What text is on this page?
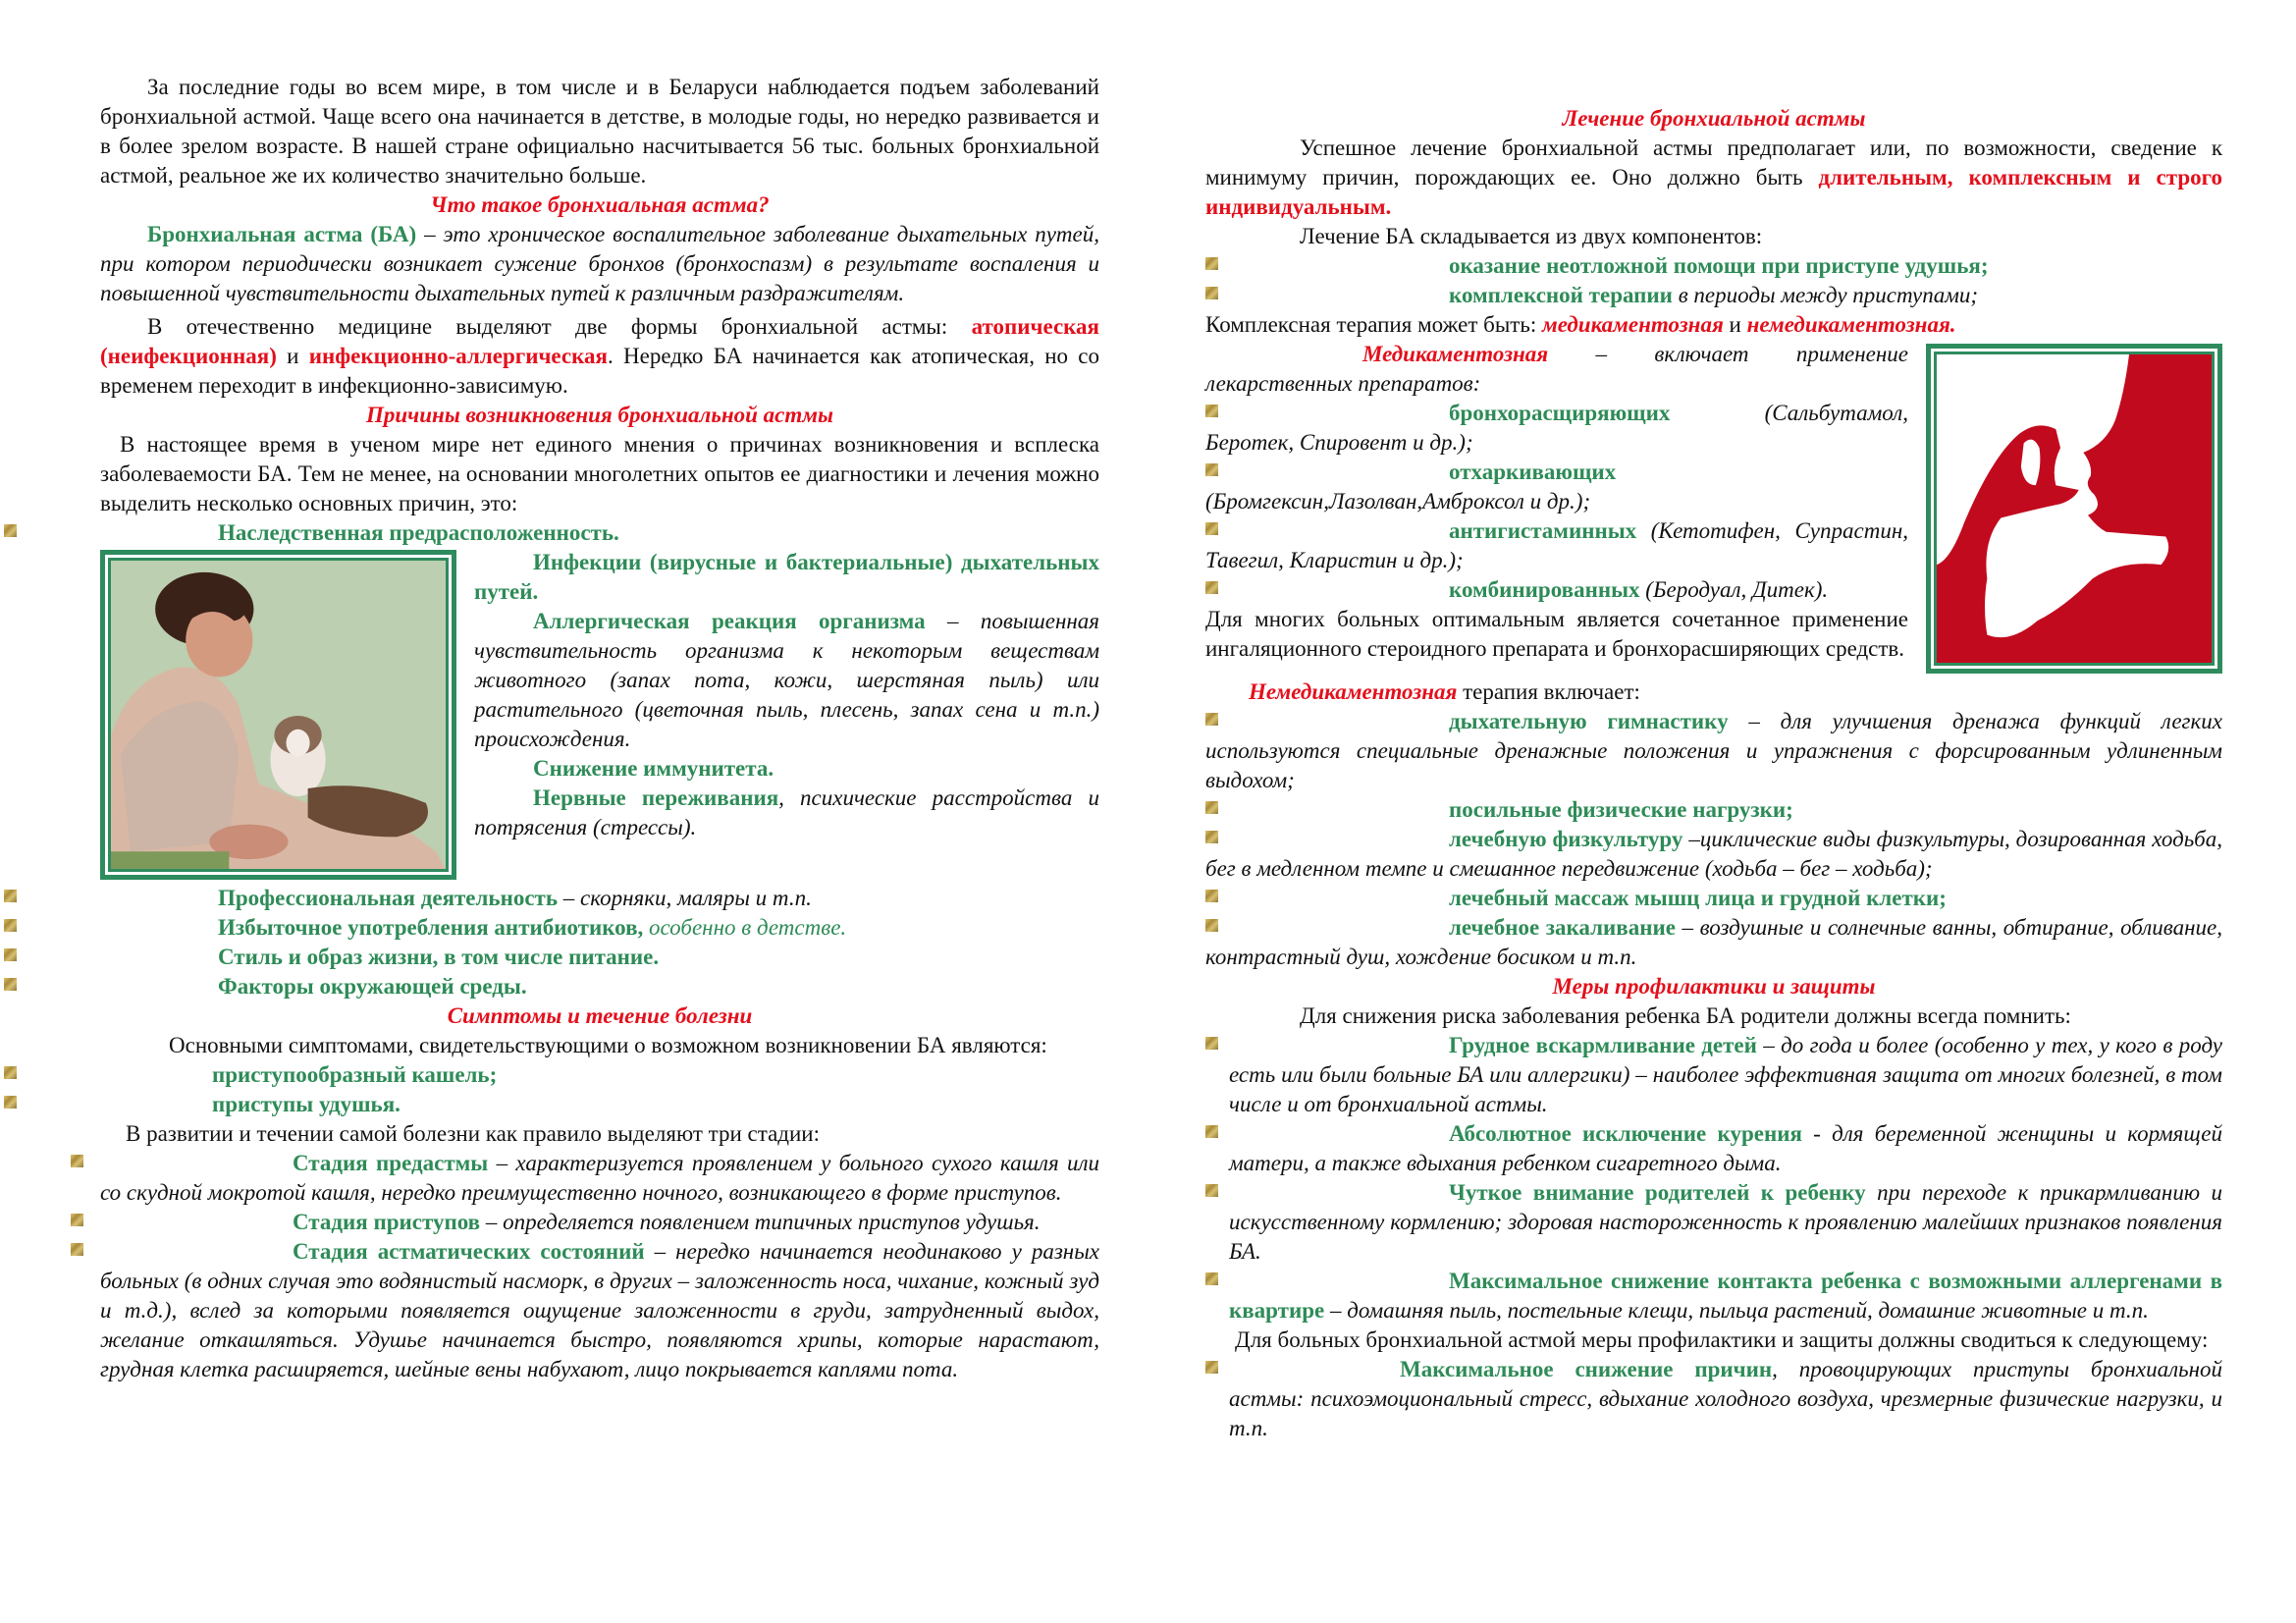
За последние годы во всем мире, в том числе и в Беларуси наблюдается подъем заболеваний бронхиальной астмой. Чаще всего она начинается в детстве, в молодые годы, но нередко развивается и в более зрелом возрасте. В нашей стране официально насчитывается 56 тыс. больных бронхиальной астмой, реальное же их количество значительно больше.

Что такое бронхиальная астма?

Бронхиальная астма (БА) – это хроническое воспалительное заболевание дыхательных путей, при котором периодически возникает сужение бронхов (бронхоспазм) в результате воспаления и повышенной чувствительности дыхательных путей к различным раздражителям.

В отечественно медицине выделяют две формы бронхиальной астмы: атопическая (неифекционная) и инфекционно-аллергическая. Нередко БА начинается как атопическая, но со временем переходит в инфекционно-зависимую.

Причины возникновения бронхиальной астмы

В настоящее время в ученом мире нет единого мнения о причинах возникновения и всплеска заболеваемости БА. Тем не менее, на основании многолетних опытов ее диагностики и лечения можно выделить несколько основных причин, это:

Наследственная предрасположенность.

Инфекции (вирусные и бактериальные) дыхательных путей.

Аллергическая реакция организма – повышенная чувствительность организма к некоторым веществам животного (запах пота, кожи, шерстяная пыль) или растительного (цветочная пыль, плесень, запах сена и т.п.) происхождения.

Снижение иммунитета.

Нервные переживания, психические расстройства и потрясения (стрессы).

Профессиональная деятельность – скорняки, маляры и т.п.
Избыточное употребления антибиотиков, особенно в детстве.
Стиль и образ жизни, в том числе питание.
Факторы окружающей среды.

Симптомы и течение болезни

Основными симптомами, свидетельствующими о возможном возникновении БА являются:

приступообразный кашель;
приступы удушья.

В развитии и течении самой болезни как правило выделяют три стадии:

Стадия предастмы – характеризуется проявлением у больного сухого кашля или со скудной мокротой кашля, нередко преимущественно ночного, возникающего в форме приступов.

Стадия приступов – определяется появлением типичных приступов удушья.

Стадия астматических состояний – нередко начинается неодинаково у разных больных (в одних случая это водянистый насморк, в других – заложенность носа, чихание, кожный зуд и т.д.), вслед за которыми появляется ощущение заложенности в груди, затрудненный выдох, желание откашляться. Удушье начинается быстро, появляются хрипы, которые нарастают, грудная клетка расширяется, шейные вены набухают, лицо покрывается каплями пота.

Лечение бронхиальной астмы

Успешное лечение бронхиальной астмы предполагает или, по возможности, сведение к минимуму причин, порождающих ее. Оно должно быть длительным, комплексным и строго индивидуальным.

Лечение БА складывается из двух компонентов:

оказание неотложной помощи при приступе удушья;
комплексной терапии в периоды между приступами;

Комплексная терапия может быть: медикаментозная и немедикаментозная.

Медикаментозная – включает применение лекарственных препаратов:

бронхорасщиряющих (Сальбутамол, Беротек, Спировент и др.);

отхаркивающих (Бромгексин,Лазолван,Амброксол и др.);

антигистаминных (Кетотифен, Супрастин, Тавегил, Кларистин и др.);

комбинированных (Беродуал, Дитек).

Для многих больных оптимальным является сочетанное применение ингаляционного стероидного препарата и бронхорасширяющих средств.

Немедикаментозная терапия включает:

дыхательную гимнастику – для улучшения дренажа функций легких используются специальные дренажные положения и упражнения с форсированным удлиненным выдохом;

посильные физические нагрузки;

лечебную физкультуру –циклические виды физкультуры, дозированная ходьба, бег в медленном темпе и смешанное передвижение (ходьба – бег – ходьба);

лечебный массаж мышц лица и грудной клетки;

лечебное закаливание – воздушные и солнечные ванны, обтирание, обливание, контрастный душ, хождение босиком и т.п.

Меры профилактики и защиты

Для снижения риска заболевания ребенка БА родители должны всегда помнить:

Грудное вскармливание детей – до года и более (особенно у тех, у кого в роду есть или были больные БА или аллергики) – наиболее эффективная защита от многих болезней, в том числе и от бронхиальной астмы.

Абсолютное исключение курения - для беременной женщины и кормящей матери, а также вдыхания ребенком сигаретного дыма.

Чуткое внимание родителей к ребенку при переходе к прикармливанию и искусственному кормлению; здоровая настороженность к проявлению малейших признаков появления БА.

Максимальное снижение контакта ребенка с возможными аллергенами в квартире – домашняя пыль, постельные клещи, пыльца растений, домашние животные и т.п.

Для больных бронхиальной астмой меры профилактики и защиты должны сводиться к следующему:

Максимальное снижение причин, провоцирующих приступы бронхиальной астмы: психоэмоциональный стресс, вдыхание холодного воздуха, чрезмерные физические нагрузки, и т.п.
